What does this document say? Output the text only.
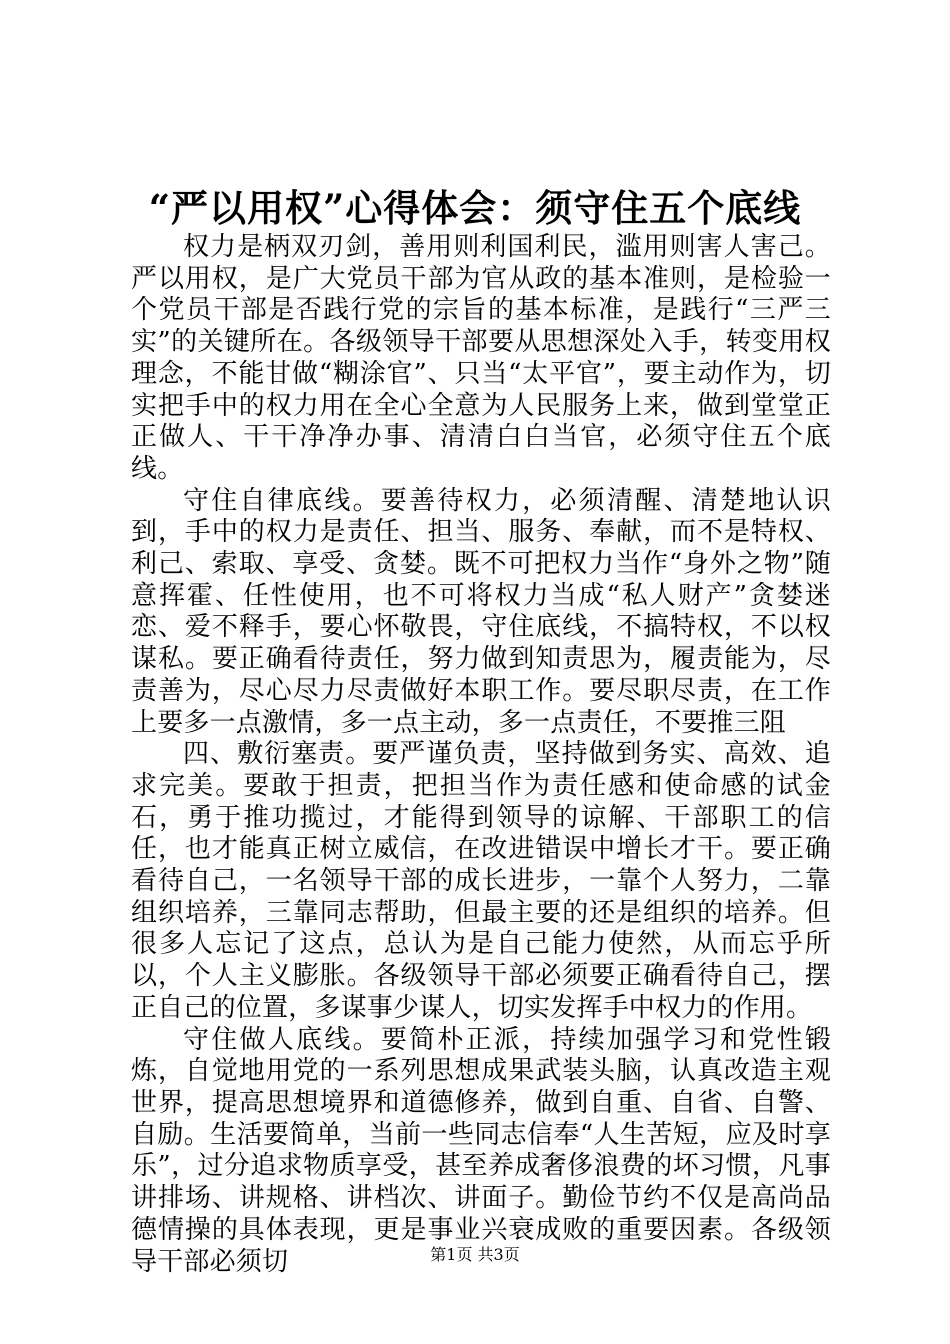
“严以用权”心得体会：须守住五个底线

权力是柄双刃剑，善用则利国利民，滥用则害人害己。严以用权，是广大党员干部为官从政的基本准则，是检验一个党员干部是否践行党的宗旨的基本标准，是践行“三严三实”的关键所在。各级领导干部要从思想深处入手，转变用权理念，不能甘做“糊涂官”、只当“太平官”，要主动作为，切实把手中的权力用在全心全意为人民服务上来，做到堂堂正正做人、干干净净办事、清清白白当官，必须守住五个底线。

守住自律底线。要善待权力，必须清醒、清楚地认识到，手中的权力是责任、担当、服务、奉献，而不是特权、利己、索取、享受、贪婪。既不可把权力当作“身外之物”随意挥霍、任性使用，也不可将权力当成“私人财产”贪婪迷恋、爱不释手，要心怀敬畏，守住底线，不搞特权，不以权谋私。要正确看待责任，努力做到知责思为，履责能为，尽责善为，尽心尽力尽责做好本职工作。要尽职尽责，在工作上要多一点激情，多一点主动，多一点责任，不要推三阻

四、敷衍塞责。要严谨负责，坚持做到务实、高效、追求完美。要敢于担责，把担当作为责任感和使命感的试金石，勇于推功揽过，才能得到领导的谅解、干部职工的信任，也才能真正树立威信，在改进错误中增长才干。要正确看待自己，一名领导干部的成长进步，一靠个人努力，二靠组织培养，三靠同志帮助，但最主要的还是组织的培养。但很多人忘记了这点，总认为是自己能力使然，从而忘乎所以，个人主义膨胀。各级领导干部必须要正确看待自己，摆正自己的位置，多谋事少谋人，切实发挥手中权力的作用。

守住做人底线。要简朴正派，持续加强学习和党性锻炼，自觉地用党的一系列思想成果武装头脑，认真改造主观世界，提高思想境界和道德修养，做到自重、自省、自警、自励。生活要简单，当前一些同志信奉“人生苦短，应及时享乐”，过分追求物质享受，甚至养成奢侈浪费的坏习惯，凡事讲排场、讲规格、讲档次、讲面子。勤俭节约不仅是高尚品德情操的具体表现，更是事业兴衰成败的重要因素。各级领导干部必须切	第1页 共3页
